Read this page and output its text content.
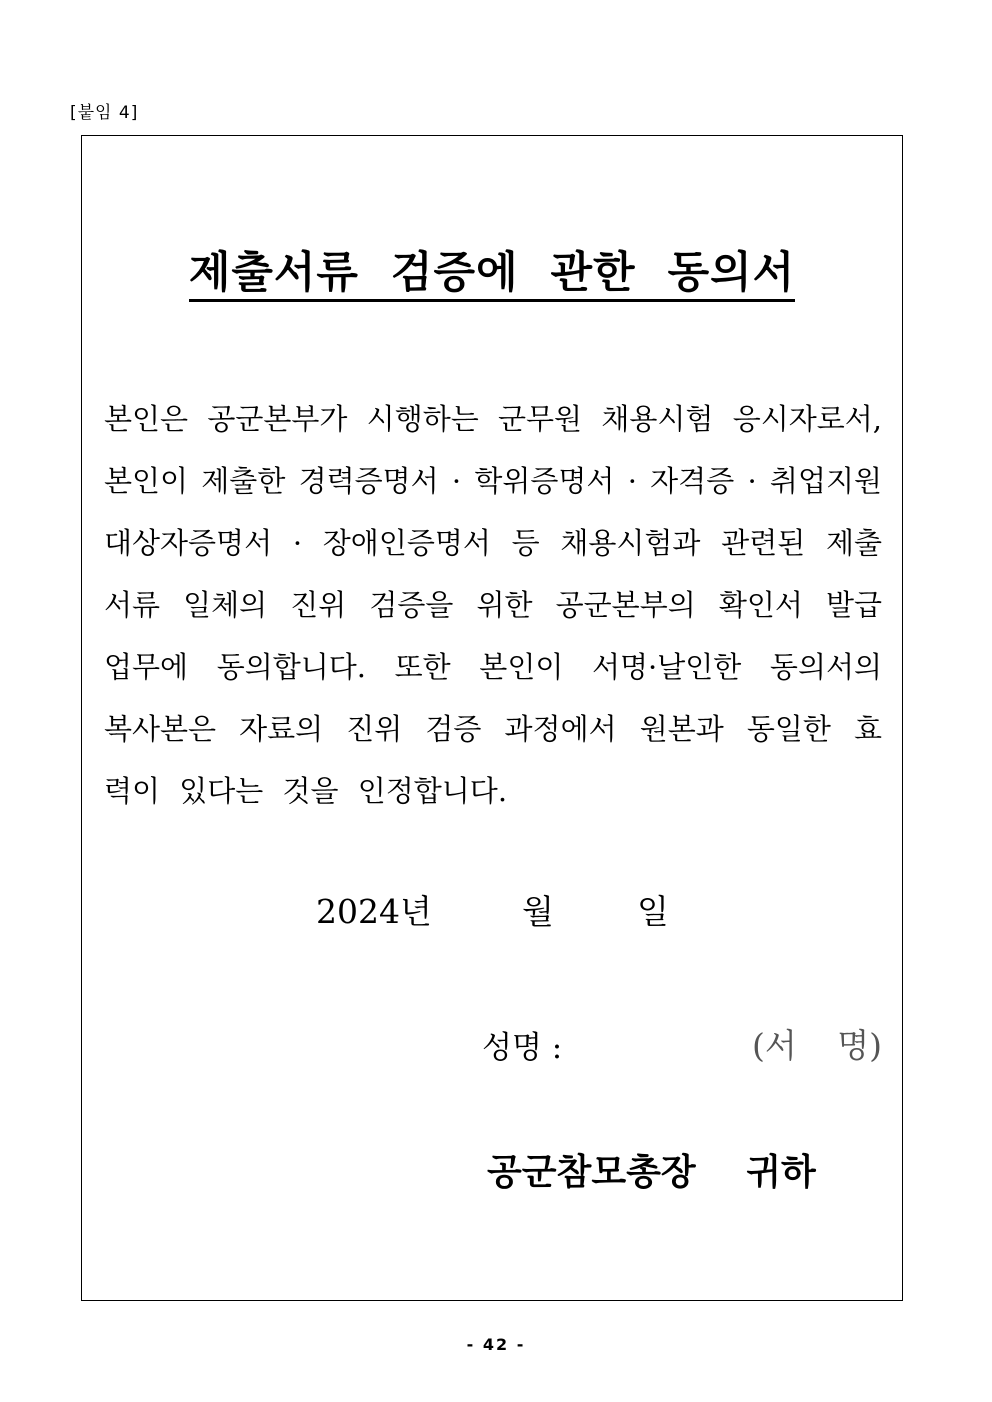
[붙임 4]
제출서류 검증에 관한 동의서
본인은 공군본부가 시행하는 군무원 채용시험 응시자로서,
본인이 제출한 경력증명서 · 학위증명서 · 자격증 · 취업지원
대상자증명서 · 장애인증명서 등 채용시험과 관련된 제출
서류 일체의 진위 검증을 위한 공군본부의 확인서 발급
업무에 동의합니다. 또한 본인이 서명·날인한 동의서의
복사본은 자료의 진위 검증 과정에서 원본과 동일한 효
력이 있다는 것을 인정합니다.
2024년	월	일
성명 :	(서 명)
공군참모총장 귀하
- 42 -
